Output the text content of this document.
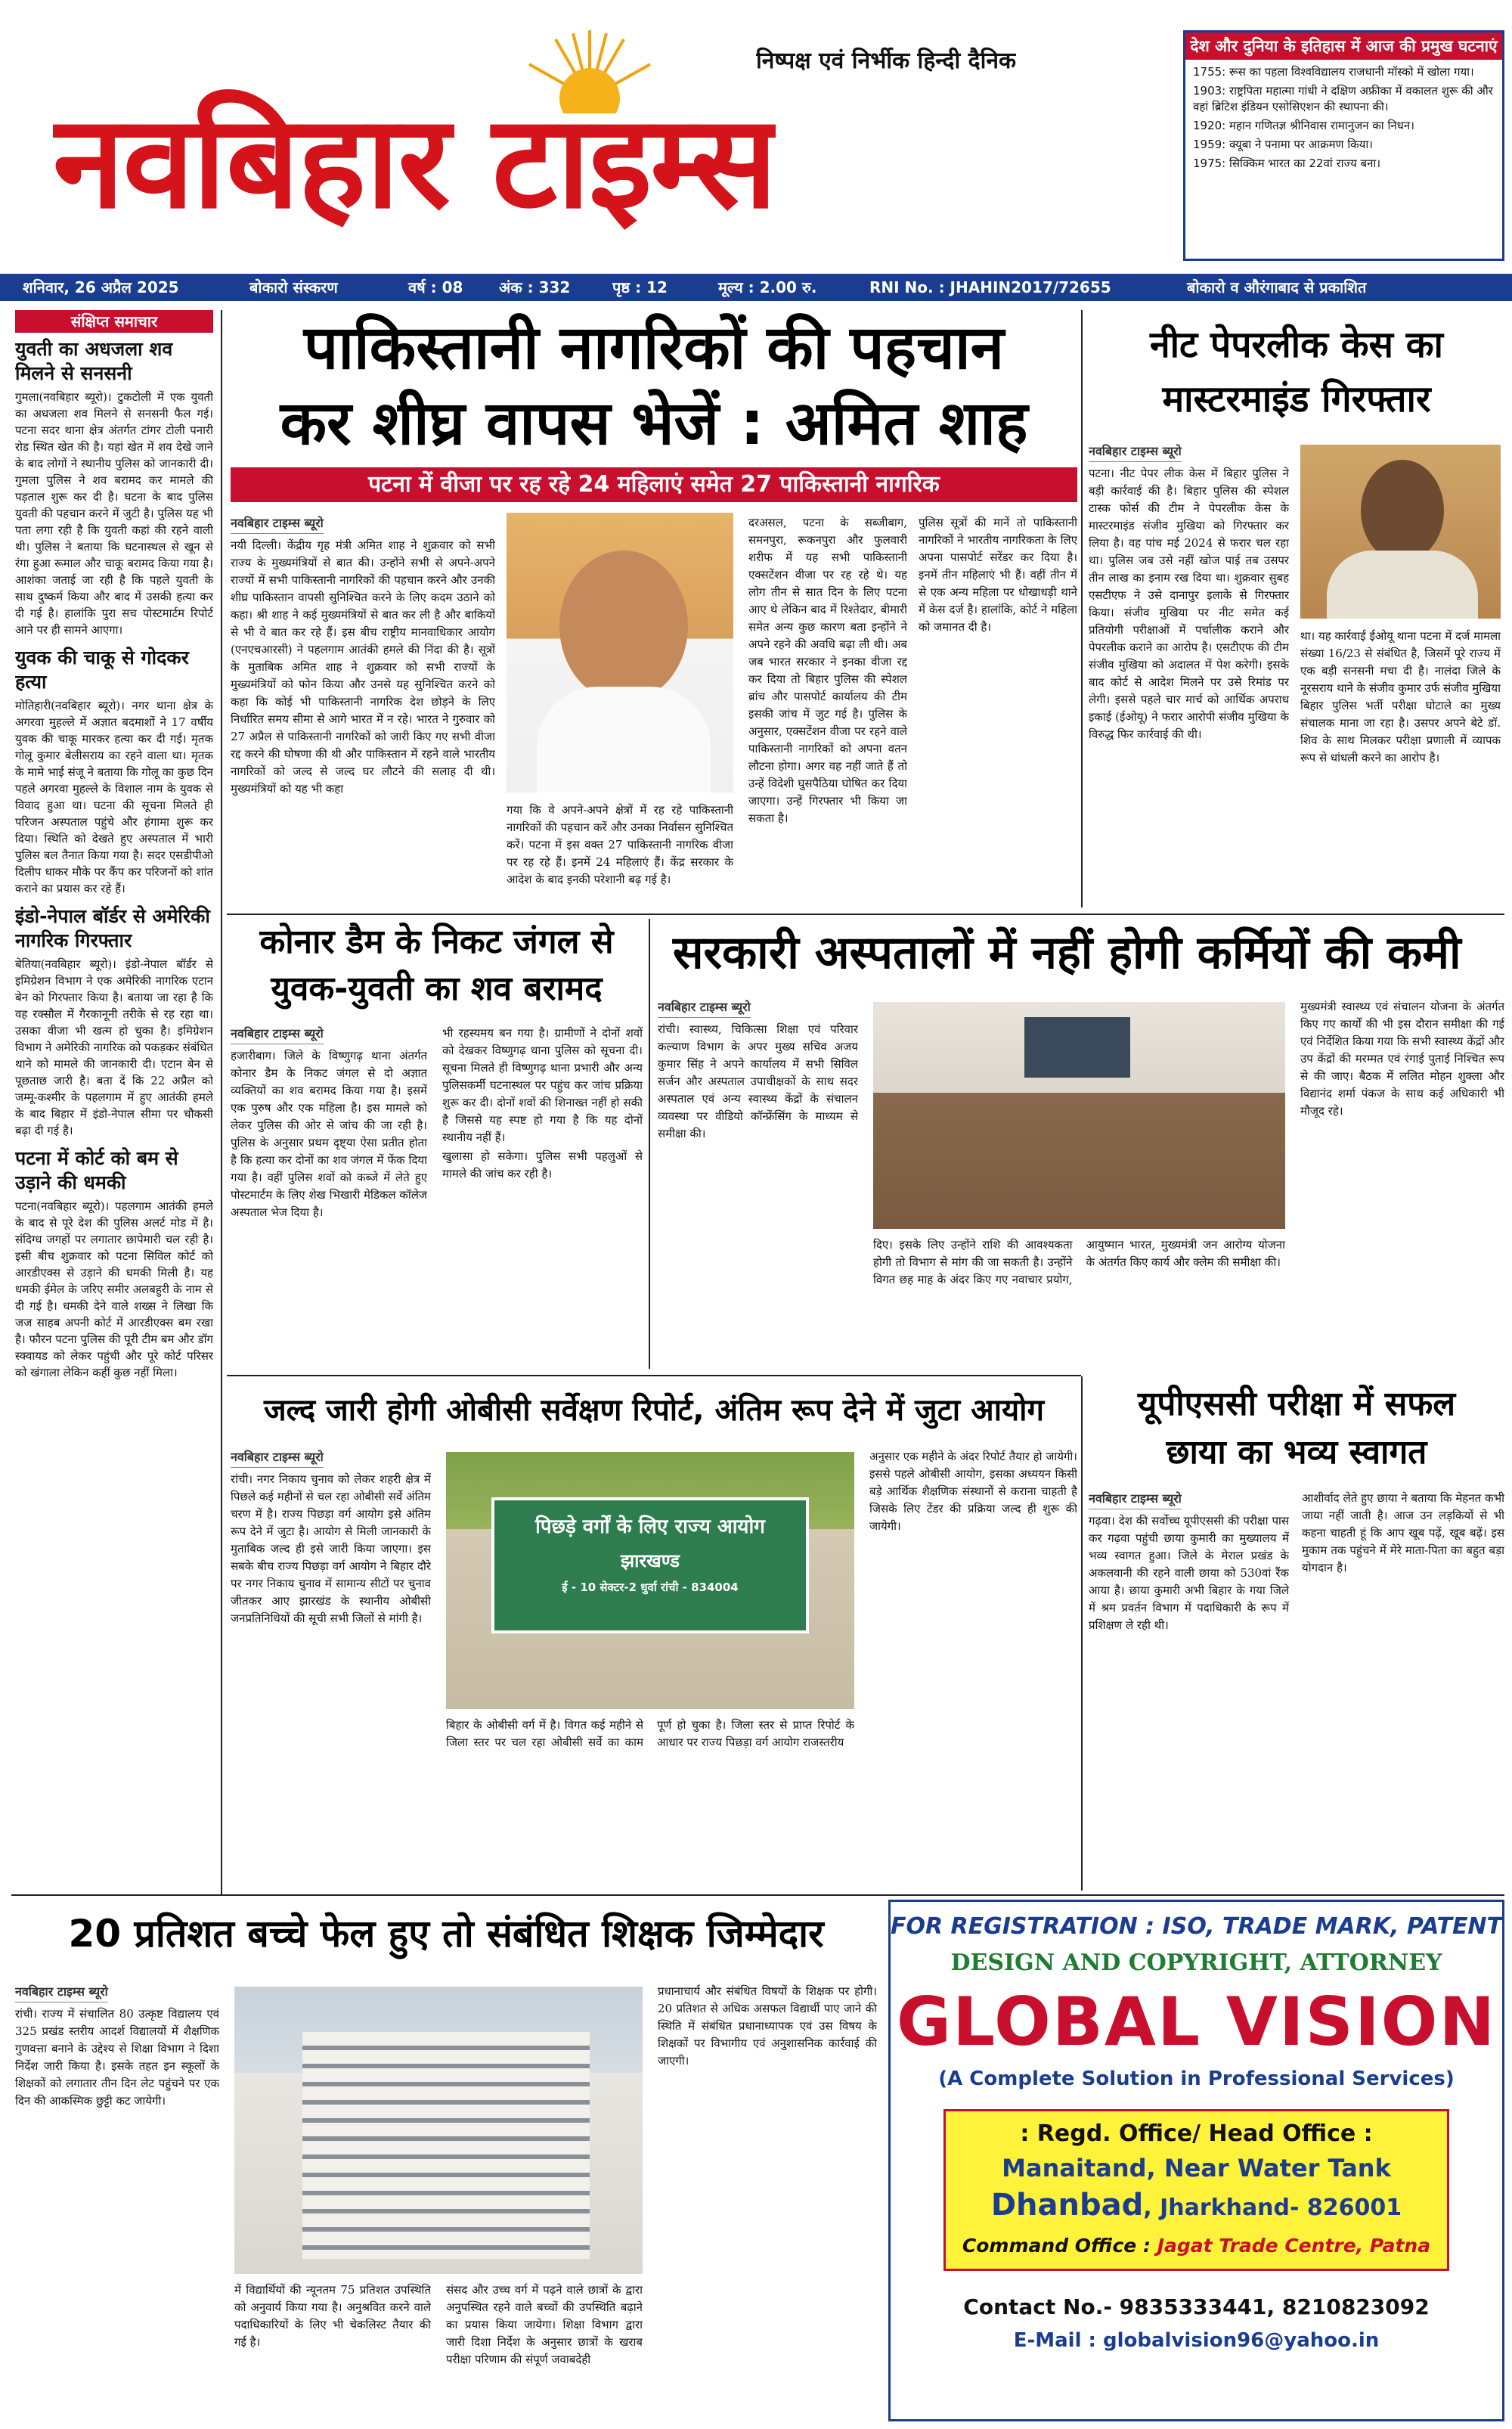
नवबिहार टाइम्स
निष्पक्ष एवं निर्भीक हिन्दी दैनिक
देश और दुनिया के इतिहास में आज की प्रमुख घटनाएं

1755: रूस का पहला विश्वविद्यालय राजधानी मॉस्को में खोला गया।

1903: राष्ट्रपिता महात्मा गांधी ने दक्षिण अफ्रीका में वकालत शुरू की और वहां ब्रिटिश इंडियन एसोसिएशन की स्थापना की।

1920: महान गणितज्ञ श्रीनिवास रामानुजन का निधन।

1959: क्यूबा ने पनामा पर आक्रमण किया।

1975: सिक्किम भारत का 22वां राज्य बना।

शनिवार, 26 अप्रैल 2025	बोकारो संस्करण	वर्ष : 08	अंक : 332	पृष्ठ : 12	मूल्य : 2.00 रु.	RNI No. : JHAHIN2017/72655	बोकारो व औरंगाबाद से प्रकाशित
संक्षिप्त समाचार
युवती का अधजला शव मिलने से सनसनी

गुमला(नवबिहार ब्यूरो)। टुकटोली में एक युवती का अधजला शव मिलने से सनसनी फैल गई। पटना सदर थाना क्षेत्र अंतर्गत टांगर टोली पनारी रोड स्थित खेत की है। यहां खेत में शव देखे जाने के बाद लोगों ने स्थानीय पुलिस को जानकारी दी। गुमला पुलिस ने शव बरामद कर मामले की पड़ताल शुरू कर दी है। घटना के बाद पुलिस युवती की पहचान करने में जुटी है। पुलिस यह भी पता लगा रही है कि युवती कहां की रहने वाली थी। पुलिस ने बताया कि घटनास्थल से खून से रंगा हुआ रूमाल और चाकू बरामद किया गया है। आशंका जताई जा रही है कि पहले युवती के साथ दुष्कर्म किया और बाद में उसकी हत्या कर दी गई है। हालांकि पुरा सच पोस्टमार्टम रिपोर्ट आने पर ही सामने आएगा।

युवक की चाकू से गोदकर हत्या

मोतिहारी(नवबिहार ब्यूरो)। नगर थाना क्षेत्र के अगरवा मुहल्ले में अज्ञात बदमाशों ने 17 वर्षीय युवक की चाकू मारकर हत्या कर दी गई। मृतक गोलू कुमार बेलीसराय का रहने वाला था। मृतक के मामे भाई संजू ने बताया कि गोलू का कुछ दिन पहले अगरवा मुहल्ले के विशाल नाम के युवक से विवाद हुआ था। घटना की सूचना मिलते ही परिजन अस्पताल पहुंचे और हंगामा शुरू कर दिया। स्थिति को देखते हुए अस्पताल में भारी पुलिस बल तैनात किया गया है। सदर एसडीपीओ दिलीप धाकर मौके पर कैंप कर परिजनों को शांत कराने का प्रयास कर रहे हैं।

इंडो-नेपाल बॉर्डर से अमेरिकी नागरिक गिरफ्तार

बेतिया(नवबिहार ब्यूरो)। इंडो-नेपाल बॉर्डर से इमिग्रेशन विभाग ने एक अमेरिकी नागरिक एटान बेन को गिरफ्तार किया है। बताया जा रहा है कि वह रक्सौल में गैरकानूनी तरीके से रह रहा था। उसका वीजा भी खत्म हो चुका है। इमिग्रेशन विभाग ने अमेरिकी नागरिक को पकड़कर संबंधित थाने को मामले की जानकारी दी। एटान बेन से पूछताछ जारी है। बता दें कि 22 अप्रैल को जम्मू-कश्मीर के पहलगाम में हुए आतंकी हमले के बाद बिहार में इंडो-नेपाल सीमा पर चौकसी बढ़ा दी गई है।

पटना में कोर्ट को बम से उड़ाने की धमकी

पटना(नवबिहार ब्यूरो)। पहलगाम आतंकी हमले के बाद से पूरे देश की पुलिस अलर्ट मोड में है। संदिग्ध जगहों पर लगातार छापेमारी चल रही है। इसी बीच शुक्रवार को पटना सिविल कोर्ट को आरडीएक्स से उड़ाने की धमकी मिली है। यह धमकी ईमेल के जरिए समीर अलबहुरी के नाम से दी गई है। धमकी देने वाले शख्स ने लिखा कि जज साहब अपनी कोर्ट में आरडीएक्स बम रखा है। फौरन पटना पुलिस की पूरी टीम बम और डॉग स्क्वायड को लेकर पहुंची और पूरे कोर्ट परिसर को खंगाला लेकिन कहीं कुछ नहीं मिला।

पाकिस्तानी नागरिकों की पहचान
कर शीघ्र वापस भेजें : अमित शाह
पटना में वीजा पर रह रहे 24 महिलाएं समेत 27 पाकिस्तानी नागरिक
नवबिहार टाइम्स ब्यूरो

नयी दिल्ली। केंद्रीय गृह मंत्री अमित शाह ने शुक्रवार को सभी राज्य के मुख्यमंत्रियों से बात की। उन्होंने सभी से अपने-अपने राज्यों में सभी पाकिस्तानी नागरिकों की पहचान करने और उनकी शीघ्र पाकिस्तान वापसी सुनिश्चित करने के लिए कदम उठाने को कहा। श्री शाह ने कई मुख्यमंत्रियों से बात कर ली है और बाकियों से भी वे बात कर रहे हैं। इस बीच राष्ट्रीय मानवाधिकार आयोग (एनएचआरसी) ने पहलगाम आतंकी हमले की निंदा की है। सूत्रों के मुताबिक अमित शाह ने शुक्रवार को सभी राज्यों के मुख्यमंत्रियों को फोन किया और उनसे यह सुनिश्चित करने को कहा कि कोई भी पाकिस्तानी नागरिक देश छोड़ने के लिए निर्धारित समय सीमा से आगे भारत में न रहे। भारत ने गुरुवार को 27 अप्रैल से पाकिस्तानी नागरिकों को जारी किए गए सभी वीजा रद्द करने की घोषणा की थी और पाकिस्तान में रहने वाले भारतीय नागरिकों को जल्द से जल्द घर लौटने की सलाह दी थी। मुख्यमंत्रियों को यह भी कहा

गया कि वे अपने-अपने क्षेत्रों में रह रहे पाकिस्तानी नागरिकों की पहचान करें और उनका निर्वासन सुनिश्चित करें। पटना में इस वक्त 27 पाकिस्तानी नागरिक वीजा पर रह रहे हैं। इनमें 24 महिलाएं हैं। केंद्र सरकार के आदेश के बाद इनकी परेशानी बढ़ गई है।

दरअसल, पटना के सब्जीबाग, समनपुरा, रूकनपुरा और फुलवारी शरीफ में यह सभी पाकिस्तानी एक्सटेंशन वीजा पर रह रहे थे। यह लोग तीन से सात दिन के लिए पटना आए थे लेकिन बाद में रिश्तेदार, बीमारी समेत अन्य कुछ कारण बता इन्होंने ने अपने रहने की अवधि बढ़ा ली थी। अब जब भारत सरकार ने इनका वीजा रद्द कर दिया तो बिहार पुलिस की स्पेशल ब्रांच और पासपोर्ट कार्यालय की टीम इसकी जांच में जुट गई है। पुलिस के अनुसार, एक्सटेंशन वीजा पर रहने वाले पाकिस्तानी नागरिकों को अपना वतन लौटना होगा। अगर वह नहीं जाते हैं तो उन्हें विदेशी घुसपैठिया घोषित कर दिया जाएगा। उन्हें गिरफ्तार भी किया जा सकता है।

पुलिस सूत्रों की मानें तो पाकिस्तानी नागरिकों ने भारतीय नागरिकता के लिए अपना पासपोर्ट सरेंडर कर दिया है। इनमें तीन महिलाएं भी हैं। वहीं तीन में से एक अन्य महिला पर धोखाधड़ी थाने में केस दर्ज है। हालांकि, कोर्ट ने महिला को जमानत दी है।

नीट पेपरलीक केस का मास्टरमाइंड गिरफ्तार
नवबिहार टाइम्स ब्यूरो

पटना। नीट पेपर लीक केस में बिहार पुलिस ने बड़ी कार्रवाई की है। बिहार पुलिस की स्पेशल टास्क फोर्स की टीम ने पेपरलीक केस के मास्टरमाइंड संजीव मुखिया को गिरफ्तार कर लिया है। वह पांच मई 2024 से फरार चल रहा था। पुलिस जब उसे नहीं खोज पाई तब उसपर तीन लाख का इनाम रख दिया था। शुक्रवार सुबह एसटीएफ ने उसे दानापुर इलाके से गिरफ्तार किया। संजीव मुखिया पर नीट समेत कई प्रतियोगी परीक्षाओं में पर्चालीक कराने और पेपरलीक कराने का आरोप है। एसटीएफ की टीम संजीव मुखिया को अदालत में पेश करेगी। इसके बाद कोर्ट से आदेश मिलने पर उसे रिमांड पर लेगी। इससे पहले चार मार्च को आर्थिक अपराध इकाई (ईओयू) ने फरार आरोपी संजीव मुखिया के विरुद्ध फिर कार्रवाई की थी।

था। यह कार्रवाई ईओयू थाना पटना में दर्ज मामला संख्या 16/23 से संबंधित है, जिसमें पूरे राज्य में एक बड़ी सनसनी मचा दी है। नालंदा जिले के नूरसराय थाने के संजीव कुमार उर्फ संजीव मुखिया बिहार पुलिस भर्ती परीक्षा घोटाले का मुख्य संचालक माना जा रहा है। उसपर अपने बेटे डॉ. शिव के साथ मिलकर परीक्षा प्रणाली में व्यापक रूप से धांधली करने का आरोप है।

कोनार डैम के निकट जंगल से
युवक-युवती का शव बरामद
नवबिहार टाइम्स ब्यूरो

हजारीबाग। जिले के विष्णुगढ़ थाना अंतर्गत कोनार डैम के निकट जंगल से दो अज्ञात व्यक्तियों का शव बरामद किया गया है। इसमें एक पुरुष और एक महिला है। इस मामले को लेकर पुलिस की ओर से जांच की जा रही है। पुलिस के अनुसार प्रथम दृष्ट्या ऐसा प्रतीत होता है कि हत्या कर दोनों का शव जंगल में फेंक दिया गया है। वहीं पुलिस शवों को कब्जे में लेते हुए पोस्टमार्टम के लिए शेख भिखारी मेडिकल कॉलेज अस्पताल भेज दिया है।

भी रहस्यमय बन गया है। ग्रामीणों ने दोनों शवों को देखकर विष्णुगढ़ थाना पुलिस को सूचना दी। सूचना मिलते ही विष्णुगढ़ थाना प्रभारी और अन्य पुलिसकर्मी घटनास्थल पर पहुंच कर जांच प्रक्रिया शुरू कर दी। दोनों शवों की शिनाख्त नहीं हो सकी है जिससे यह स्पष्ट हो गया है कि यह दोनों स्थानीय नहीं हैं।

खुलासा हो सकेगा। पुलिस सभी पहलुओं से मामले की जांच कर रही है।

सरकारी अस्पतालों में नहीं होगी कर्मियों की कमी
नवबिहार टाइम्स ब्यूरो

रांची। स्वास्थ्य, चिकित्सा शिक्षा एवं परिवार कल्याण विभाग के अपर मुख्य सचिव अजय कुमार सिंह ने अपने कार्यालय में सभी सिविल सर्जन और अस्पताल उपाधीक्षकों के साथ सदर अस्पताल एवं अन्य स्वास्थ्य केंद्रों के संचालन व्यवस्था पर वीडियो कॉन्फ्रेंसिंग के माध्यम से समीक्षा की।

दिए। इसके लिए उन्होंने राशि की आवश्यकता होगी तो विभाग से मांग की जा सकती है। उन्होंने विगत छह माह के अंदर किए गए नवाचार प्रयोग, आयुष्मान भारत, मुख्यमंत्री जन आरोग्य योजना के अंतर्गत किए कार्य और क्लेम की समीक्षा की।

मुख्यमंत्री स्वास्थ्य एवं संचालन योजना के अंतर्गत किए गए कार्यों की भी इस दौरान समीक्षा की गई एवं निर्देशित किया गया कि सभी स्वास्थ्य केंद्रों और उप केंद्रों की मरम्मत एवं रंगाई पुताई निश्चित रूप से की जाए। बैठक में ललित मोहन शुक्ला और विद्यानंद शर्मा पंकज के साथ कई अधिकारी भी मौजूद रहे।

जल्द जारी होगी ओबीसी सर्वेक्षण रिपोर्ट, अंतिम रूप देने में जुटा आयोग
नवबिहार टाइम्स ब्यूरो

रांची। नगर निकाय चुनाव को लेकर शहरी क्षेत्र में पिछले कई महीनों से चल रहा ओबीसी सर्वे अंतिम चरण में है। राज्य पिछड़ा वर्ग आयोग इसे अंतिम रूप देने में जुटा है। आयोग से मिली जानकारी के मुताबिक जल्द ही इसे जारी किया जाएगा। इस सबके बीच राज्य पिछड़ा वर्ग आयोग ने बिहार दौरे पर नगर निकाय चुनाव में सामान्य सीटों पर चुनाव जीतकर आए झारखंड के स्थानीय ओबीसी जनप्रतिनिधियों की सूची सभी जिलों से मांगी है।

पिछड़े वर्गों के लिए राज्य आयोग
झारखण्ड
ई - 10 सेक्टर-2 धुर्वा रांची - 834004

बिहार के ओबीसी वर्ग में है। विगत कई महीने से जिला स्तर पर चल रहा ओबीसी सर्वे का काम पूर्ण हो चुका है। जिला स्तर से प्राप्त रिपोर्ट के आधार पर राज्य पिछड़ा वर्ग आयोग राजस्तरीय

अनुसार एक महीने के अंदर रिपोर्ट तैयार हो जायेगी। इससे पहले ओबीसी आयोग, इसका अध्ययन किसी बड़े आर्थिक शैक्षणिक संस्थानों से कराना चाहती है जिसके लिए टेंडर की प्रक्रिया जल्द ही शुरू की जायेगी।

यूपीएससी परीक्षा में सफल
छाया का भव्य स्वागत
नवबिहार टाइम्स ब्यूरो

गढ़वा। देश की सर्वोच्च यूपीएससी की परीक्षा पास कर गढ़वा पहुंची छाया कुमारी का मुख्यालय में भव्य स्वागत हुआ। जिले के मेराल प्रखंड के अकलवानी की रहने वाली छाया को 530वां रैंक आया है। छाया कुमारी अभी बिहार के गया जिले में श्रम प्रवर्तन विभाग में पदाधिकारी के रूप में प्रशिक्षण ले रही थी।

आशीर्वाद लेते हुए छाया ने बताया कि मेहनत कभी जाया नहीं जाती है। आज उन लड़कियों से भी कहना चाहती हूं कि आप खूब पढ़ें, खूब बढ़ें। इस मुकाम तक पहुंचने में मेरे माता-पिता का बहुत बड़ा योगदान है।

20 प्रतिशत बच्चे फेल हुए तो संबंधित शिक्षक जिम्मेदार
नवबिहार टाइम्स ब्यूरो

रांची। राज्य में संचालित 80 उत्कृष्ट विद्यालय एवं 325 प्रखंड स्तरीय आदर्श विद्यालयों में शैक्षणिक गुणवत्ता बनाने के उद्देश्य से शिक्षा विभाग ने दिशा निर्देश जारी किया है। इसके तहत इन स्कूलों के शिक्षकों को लगातार तीन दिन लेट पहुंचने पर एक दिन की आकस्मिक छुट्टी कट जायेगी।

में विद्यार्थियों की न्यूनतम 75 प्रतिशत उपस्थिति को अनुवार्य किया गया है। अनुश्रवित करने वाले पदाधिकारियों के लिए भी चेकलिस्ट तैयार की गई है।

संसद और उच्च वर्ग में पढ़ने वाले छात्रों के द्वारा अनुपस्थित रहने वाले बच्चों की उपस्थिति बढ़ाने का प्रयास किया जायेगा। शिक्षा विभाग द्वारा जारी दिशा निर्देश के अनुसार छात्रों के खराब परीक्षा परिणाम की संपूर्ण जवाबदेही

प्रधानाचार्य और संबंधित विषयों के शिक्षक पर होगी। 20 प्रतिशत से अधिक असफल विद्यार्थी पाए जाने की स्थिति में संबंधित प्रधानाध्यापक एवं उस विषय के शिक्षकों पर विभागीय एवं अनुशासनिक कार्रवाई की जाएगी।

FOR REGISTRATION : ISO, TRADE MARK, PATENT
DESIGN AND COPYRIGHT, ATTORNEY
GLOBAL VISION
(A Complete Solution in Professional Services)
: Regd. Office/ Head Office :
Manaitand, Near Water Tank
Dhanbad, Jharkhand- 826001
Command Office : Jagat Trade Centre, Patna
Contact No.- 9835333441, 8210823092
E-Mail : globalvision96@yahoo.in
